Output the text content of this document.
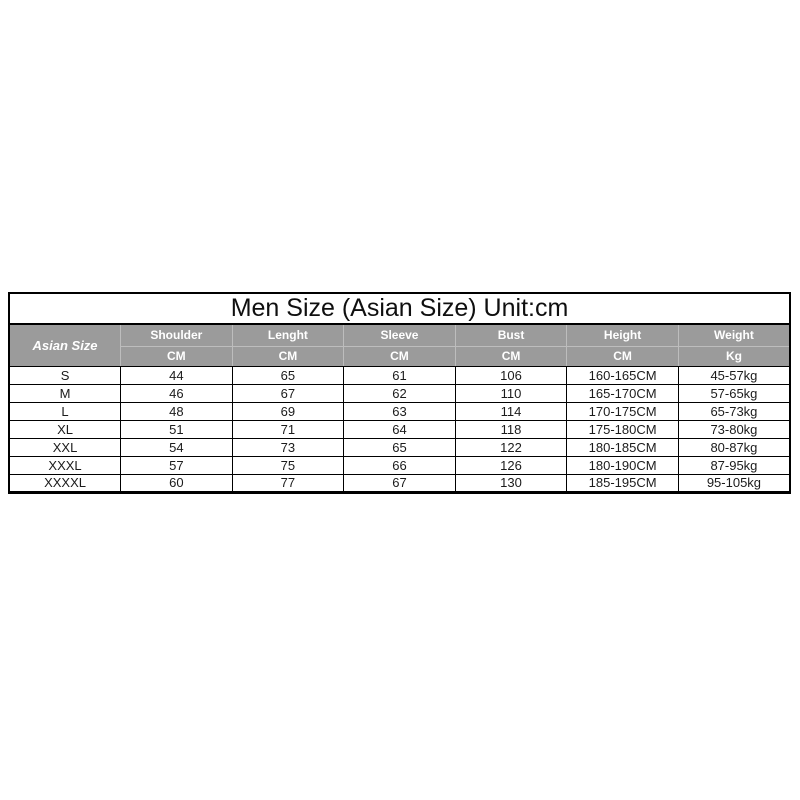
Men Size (Asian Size) Unit:cm						
Asian Size	Shoulder	Lenght	Sleeve	Bust	Height	Weight
	CM	CM	CM	CM	CM	Kg
S	44	65	61	106	160-165CM	45-57kg
M	46	67	62	110	165-170CM	57-65kg
L	48	69	63	114	170-175CM	65-73kg
XL	51	71	64	118	175-180CM	73-80kg
XXL	54	73	65	122	180-185CM	80-87kg
XXXL	57	75	66	126	180-190CM	87-95kg
XXXXL	60	77	67	130	185-195CM	95-105kg
